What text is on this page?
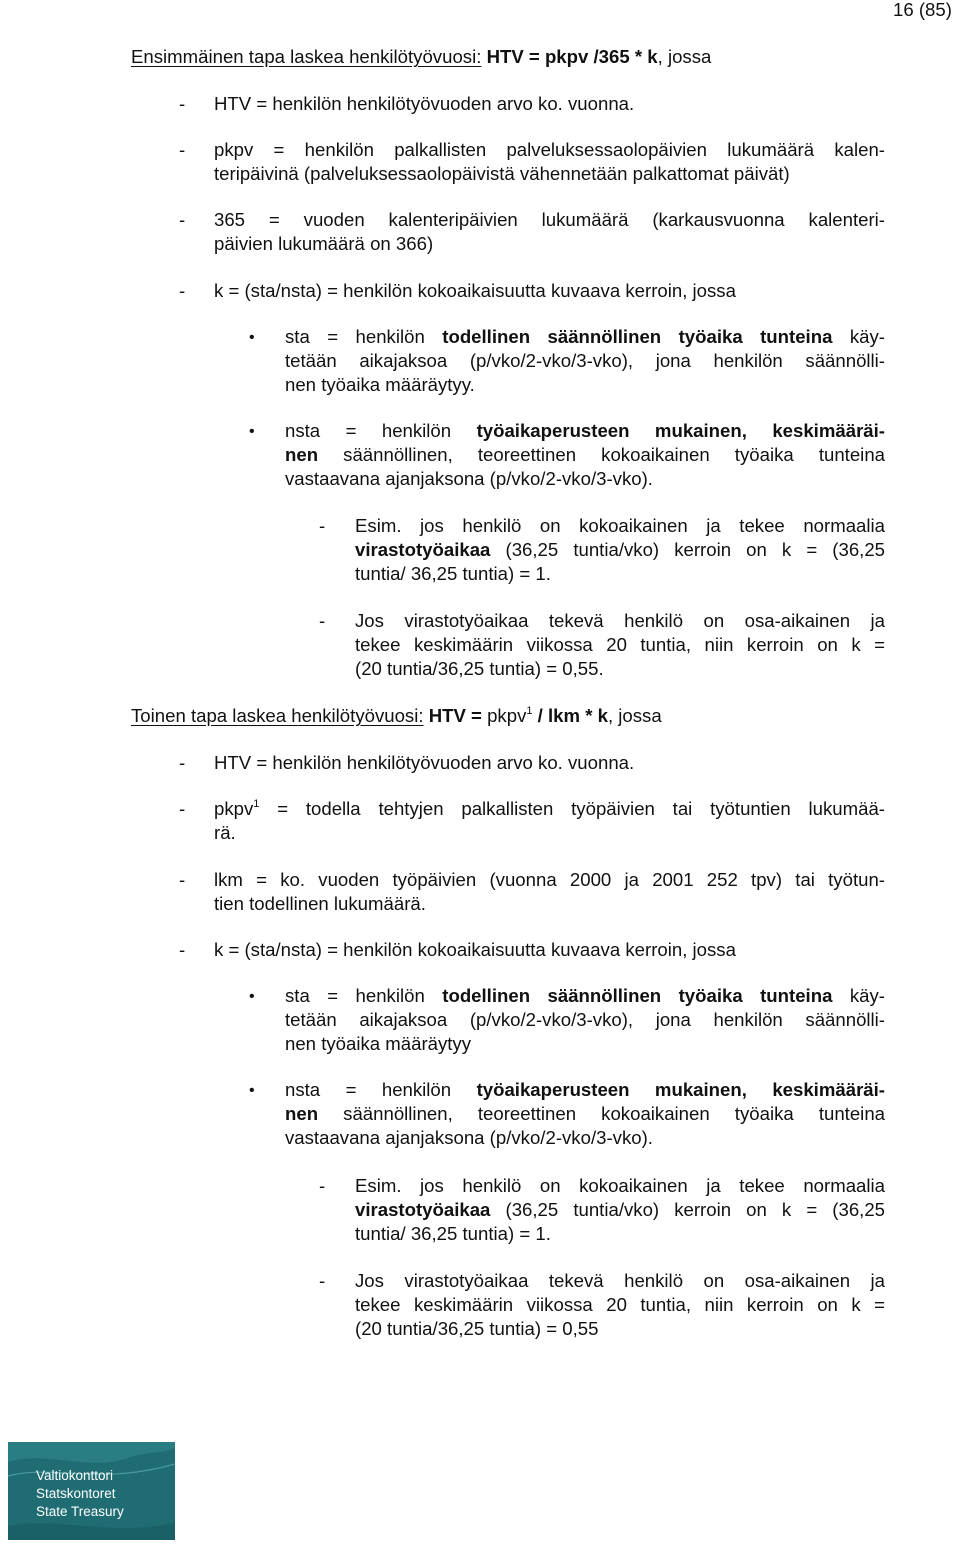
16 (85)
Ensimmäinen tapa laskea henkilötyövuosi: HTV = pkpv /365 * k, jossa
- HTV = henkilön henkilötyövuoden arvo ko. vuonna.
- pkpv = henkilön palkallisten palveluksessaolopäivien lukumäärä kalen-
teripäivinä (palveluksessaolopäivistä vähennetään palkattomat päivät)
- 365 = vuoden kalenteripäivien lukumäärä (karkausvuonna kalenteri-
päivien lukumäärä on 366)
- k = (sta/nsta) = henkilön kokoaikaisuutta kuvaava kerroin, jossa
• sta = henkilön todellinen säännöllinen työaika tunteina käy-
tetään aikajaksoa (p/vko/2-vko/3-vko), jona henkilön säännölli-
nen työaika määräytyy.
• nsta = henkilön työaikaperusteen mukainen, keskimääräi-
nen säännöllinen, teoreettinen kokoaikainen työaika tunteina
vastaavana ajanjaksona (p/vko/2-vko/3-vko).
- Esim. jos henkilö on kokoaikainen ja tekee normaalia
virastotyöaikaa (36,25 tuntia/vko) kerroin on k = (36,25
tuntia/ 36,25 tuntia) = 1.
- Jos virastotyöaikaa tekevä henkilö on osa-aikainen ja
tekee keskimäärin viikossa 20 tuntia, niin kerroin on k =
(20 tuntia/36,25 tuntia) = 0,55.
Toinen tapa laskea henkilötyövuosi: HTV = pkpv$^1$ / lkm * k, jossa
- HTV = henkilön henkilötyövuoden arvo ko. vuonna.
- pkpv$^1$ = todella tehtyjen palkallisten työpäivien tai työtuntien lukumää-
rä.
- lkm = ko. vuoden työpäivien (vuonna 2000 ja 2001 252 tpv) tai työtun-
tien todellinen lukumäärä.
- k = (sta/nsta) = henkilön kokoaikaisuutta kuvaava kerroin, jossa
• sta = henkilön todellinen säännöllinen työaika tunteina käy-
tetään aikajaksoa (p/vko/2-vko/3-vko), jona henkilön säännölli-
nen työaika määräytyy
• nsta = henkilön työaikaperusteen mukainen, keskimääräi-
nen säännöllinen, teoreettinen kokoaikainen työaika tunteina
vastaavana ajanjaksona (p/vko/2-vko/3-vko).
- Esim. jos henkilö on kokoaikainen ja tekee normaalia
virastotyöaikaa (36,25 tuntia/vko) kerroin on k = (36,25
tuntia/ 36,25 tuntia) = 1.
- Jos virastotyöaikaa tekevä henkilö on osa-aikainen ja
tekee keskimäärin viikossa 20 tuntia, niin kerroin on k =
(20 tuntia/36,25 tuntia) = 0,55
Valtiokonttori
Statskontoret
State Treasury
